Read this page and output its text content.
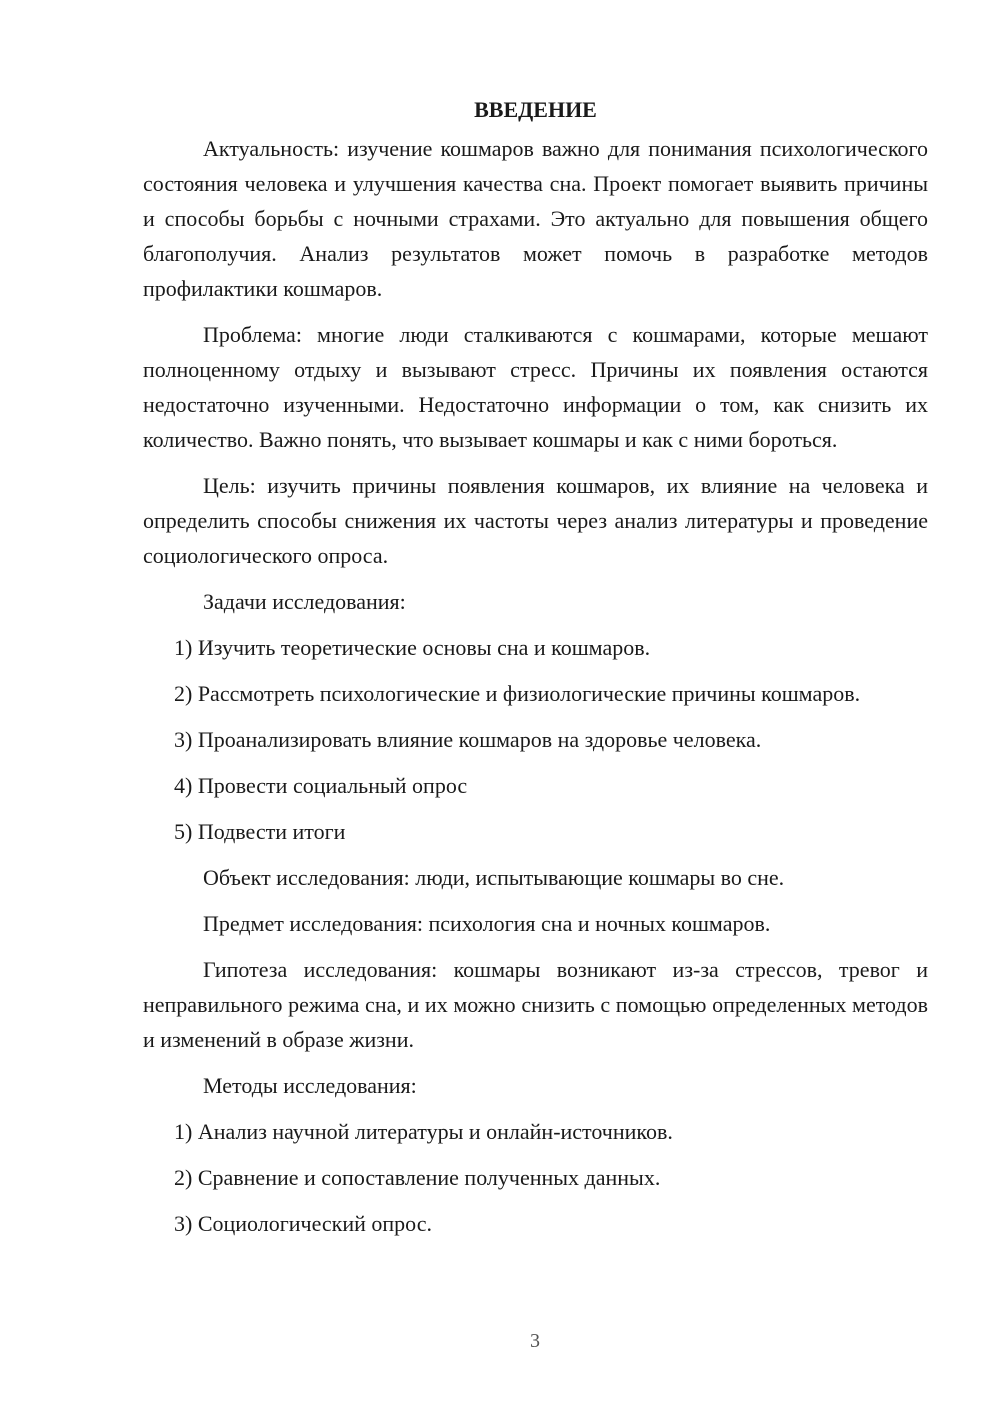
ВВЕДЕНИЕ

Актуальность: изучение кошмаров важно для понимания психологического состояния человека и улучшения качества сна. Проект помогает выявить причины и способы борьбы с ночными страхами. Это актуально для повышения общего благополучия. Анализ результатов может помочь в разработке методов профилактики кошмаров.

Проблема: многие люди сталкиваются с кошмарами, которые мешают полноценному отдыху и вызывают стресс. Причины их появления остаются недостаточно изученными. Недостаточно информации о том, как снизить их количество. Важно понять, что вызывает кошмары и как с ними бороться.

Цель: изучить причины появления кошмаров, их влияние на человека и определить способы снижения их частоты через анализ литературы и проведение социологического опроса.

Задачи исследования:

1) Изучить теоретические основы сна и кошмаров.

2) Рассмотреть психологические и физиологические причины кошмаров.

3) Проанализировать влияние кошмаров на здоровье человека.

4) Провести социальный опрос

5) Подвести итоги

Объект исследования: люди, испытывающие кошмары во сне.

Предмет исследования: психология сна и ночных кошмаров.

Гипотеза исследования: кошмары возникают из-за стрессов, тревог и неправильного режима сна, и их можно снизить с помощью определенных методов и изменений в образе жизни.

Методы исследования:

1) Анализ научной литературы и онлайн-источников.

2) Сравнение и сопоставление полученных данных.

3) Социологический опрос.

3
